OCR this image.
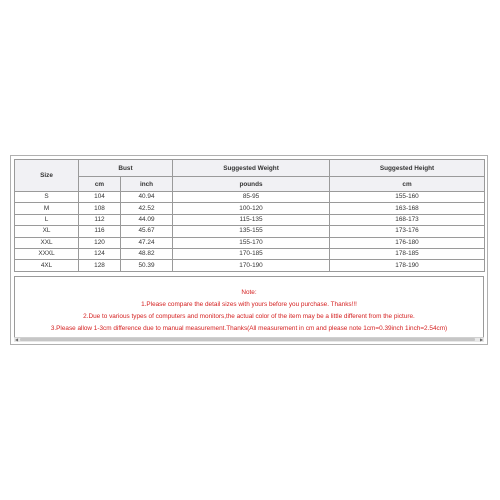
Size	Bust		Suggested Weight	Suggested Height
	cm	inch	pounds	cm
S	104	40.94	85-95	155-160
M	108	42.52	100-120	163-168
L	112	44.09	115-135	168-173
XL	116	45.67	135-155	173-176
XXL	120	47.24	155-170	176-180
XXXL	124	48.82	170-185	178-185
4XL	128	50.39	170-190	178-190
Note:
1.Please compare the detail sizes with yours before you purchase. Thanks!!!
2.Due to various types of computers and monitors,the actual color of the item may be a little different from the picture.
3.Please allow 1-3cm difference due to manual measurement.Thanks(All measurement in cm and please note 1cm=0.39inch 1inch=2.54cm)
◀	▶
